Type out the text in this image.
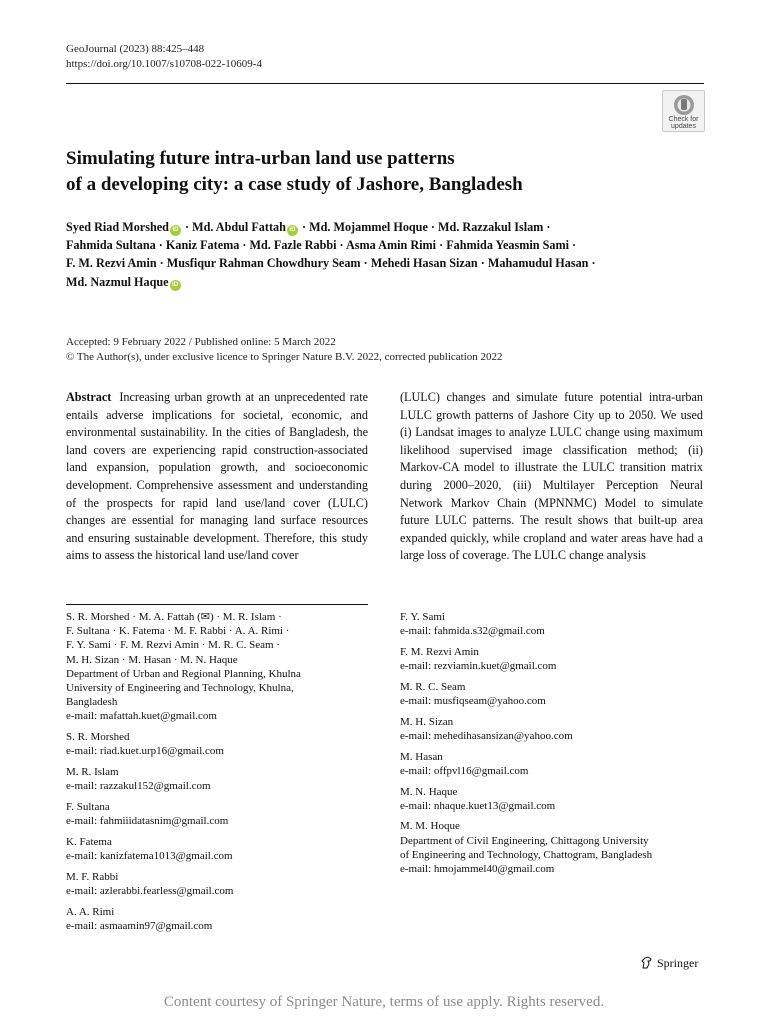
GeoJournal (2023) 88:425–448
https://doi.org/10.1007/s10708-022-10609-4
Check for
updates
Simulating future intra-urban land use patterns
of a developing city: a case study of Jashore, Bangladesh
Syed Riad Morshed iD · Md. Abdul Fattah iD · Md. Mojammel Hoque · Md. Razzakul Islam ·
Fahmida Sultana · Kaniz Fatema · Md. Fazle Rabbi · Asma Amin Rimi · Fahmida Yeasmin Sami ·
F. M. Rezvi Amin · Musfiqur Rahman Chowdhury Seam · Mehedi Hasan Sizan · Mahamudul Hasan ·
Md. Nazmul Haque iD
Accepted: 9 February 2022 / Published online: 5 March 2022
© The Author(s), under exclusive licence to Springer Nature B.V. 2022, corrected publication 2022
Abstract Increasing urban growth at an unprecedented rate entails adverse implications for societal, economic, and environmental sustainability. In the cities of Bangladesh, the land covers are experiencing rapid construction-associated land expansion, population growth, and socioeconomic development. Comprehensive assessment and understanding of the prospects for rapid land use/land cover (LULC) changes are essential for managing land surface resources and ensuring sustainable development. Therefore, this study aims to assess the historical land use/land cover
(LULC) changes and simulate future potential intra-urban LULC growth patterns of Jashore City up to 2050. We used (i) Landsat images to analyze LULC change using maximum likelihood supervised image classification method; (ii) Markov-CA model to illustrate the LULC transition matrix during 2000–2020, (iii) Multilayer Perception Neural Network Markov Chain (MPNNMC) Model to simulate future LULC patterns. The result shows that built-up area expanded quickly, while cropland and water areas have had a large loss of coverage. The LULC change analysis
S. R. Morshed · M. A. Fattah (✉) · M. R. Islam ·
F. Sultana · K. Fatema · M. F. Rabbi · A. A. Rimi ·
F. Y. Sami · F. M. Rezvi Amin · M. R. C. Seam ·
M. H. Sizan · M. Hasan · M. N. Haque
Department of Urban and Regional Planning, Khulna
University of Engineering and Technology, Khulna,
Bangladesh
e-mail: mafattah.kuet@gmail.com
S. R. Morshed
e-mail: riad.kuet.urp16@gmail.com
M. R. Islam
e-mail: razzakul152@gmail.com
F. Sultana
e-mail: fahmiiidatasnim@gmail.com
K. Fatema
e-mail: kanizfatema1013@gmail.com
M. F. Rabbi
e-mail: azlerabbi.fearless@gmail.com
A. A. Rimi
e-mail: asmaamin97@gmail.com
F. Y. Sami
e-mail: fahmida.s32@gmail.com
F. M. Rezvi Amin
e-mail: rezviamin.kuet@gmail.com
M. R. C. Seam
e-mail: musfiqseam@yahoo.com
M. H. Sizan
e-mail: mehedihasansizan@yahoo.com
M. Hasan
e-mail: offpvl16@gmail.com
M. N. Haque
e-mail: nhaque.kuet13@gmail.com
M. M. Hoque
Department of Civil Engineering, Chittagong University
of Engineering and Technology, Chattogram, Bangladesh
e-mail: hmojammel40@gmail.com
Springer
Content courtesy of Springer Nature, terms of use apply. Rights reserved.
